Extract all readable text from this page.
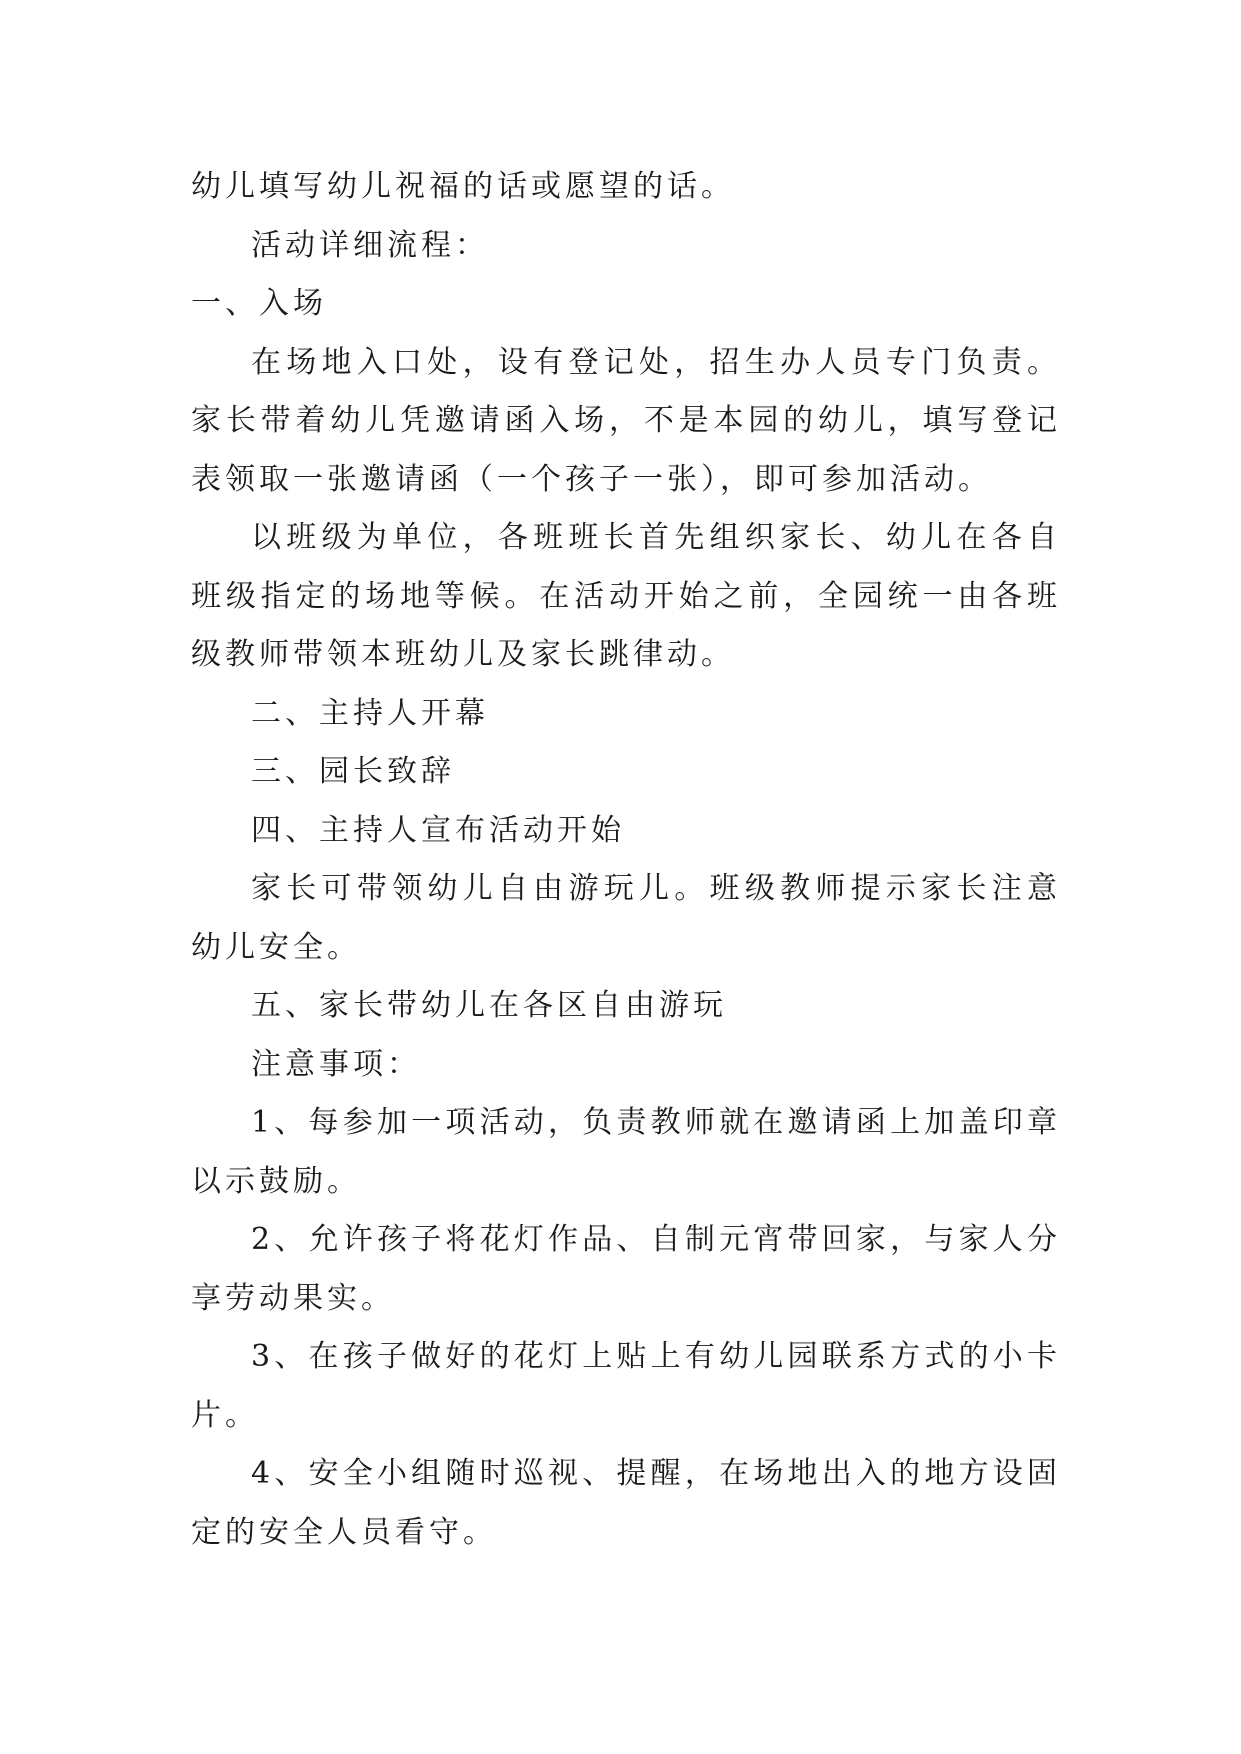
幼儿填写幼儿祝福的话或愿望的话。

活动详细流程：

一、入场

在场地入口处，设有登记处，招生办人员专门负责。家长带着幼儿凭邀请函入场，不是本园的幼儿，填写登记表领取一张邀请函（一个孩子一张），即可参加活动。

以班级为单位，各班班长首先组织家长、幼儿在各自班级指定的场地等候。在活动开始之前，全园统一由各班级教师带领本班幼儿及家长跳律动。

二、主持人开幕

三、园长致辞

四、主持人宣布活动开始

家长可带领幼儿自由游玩儿。班级教师提示家长注意幼儿安全。

五、家长带幼儿在各区自由游玩

注意事项：

1、每参加一项活动，负责教师就在邀请函上加盖印章以示鼓励。

2、允许孩子将花灯作品、自制元宵带回家，与家人分享劳动果实。

3、在孩子做好的花灯上贴上有幼儿园联系方式的小卡片。

4、安全小组随时巡视、提醒，在场地出入的地方设固定的安全人员看守。
